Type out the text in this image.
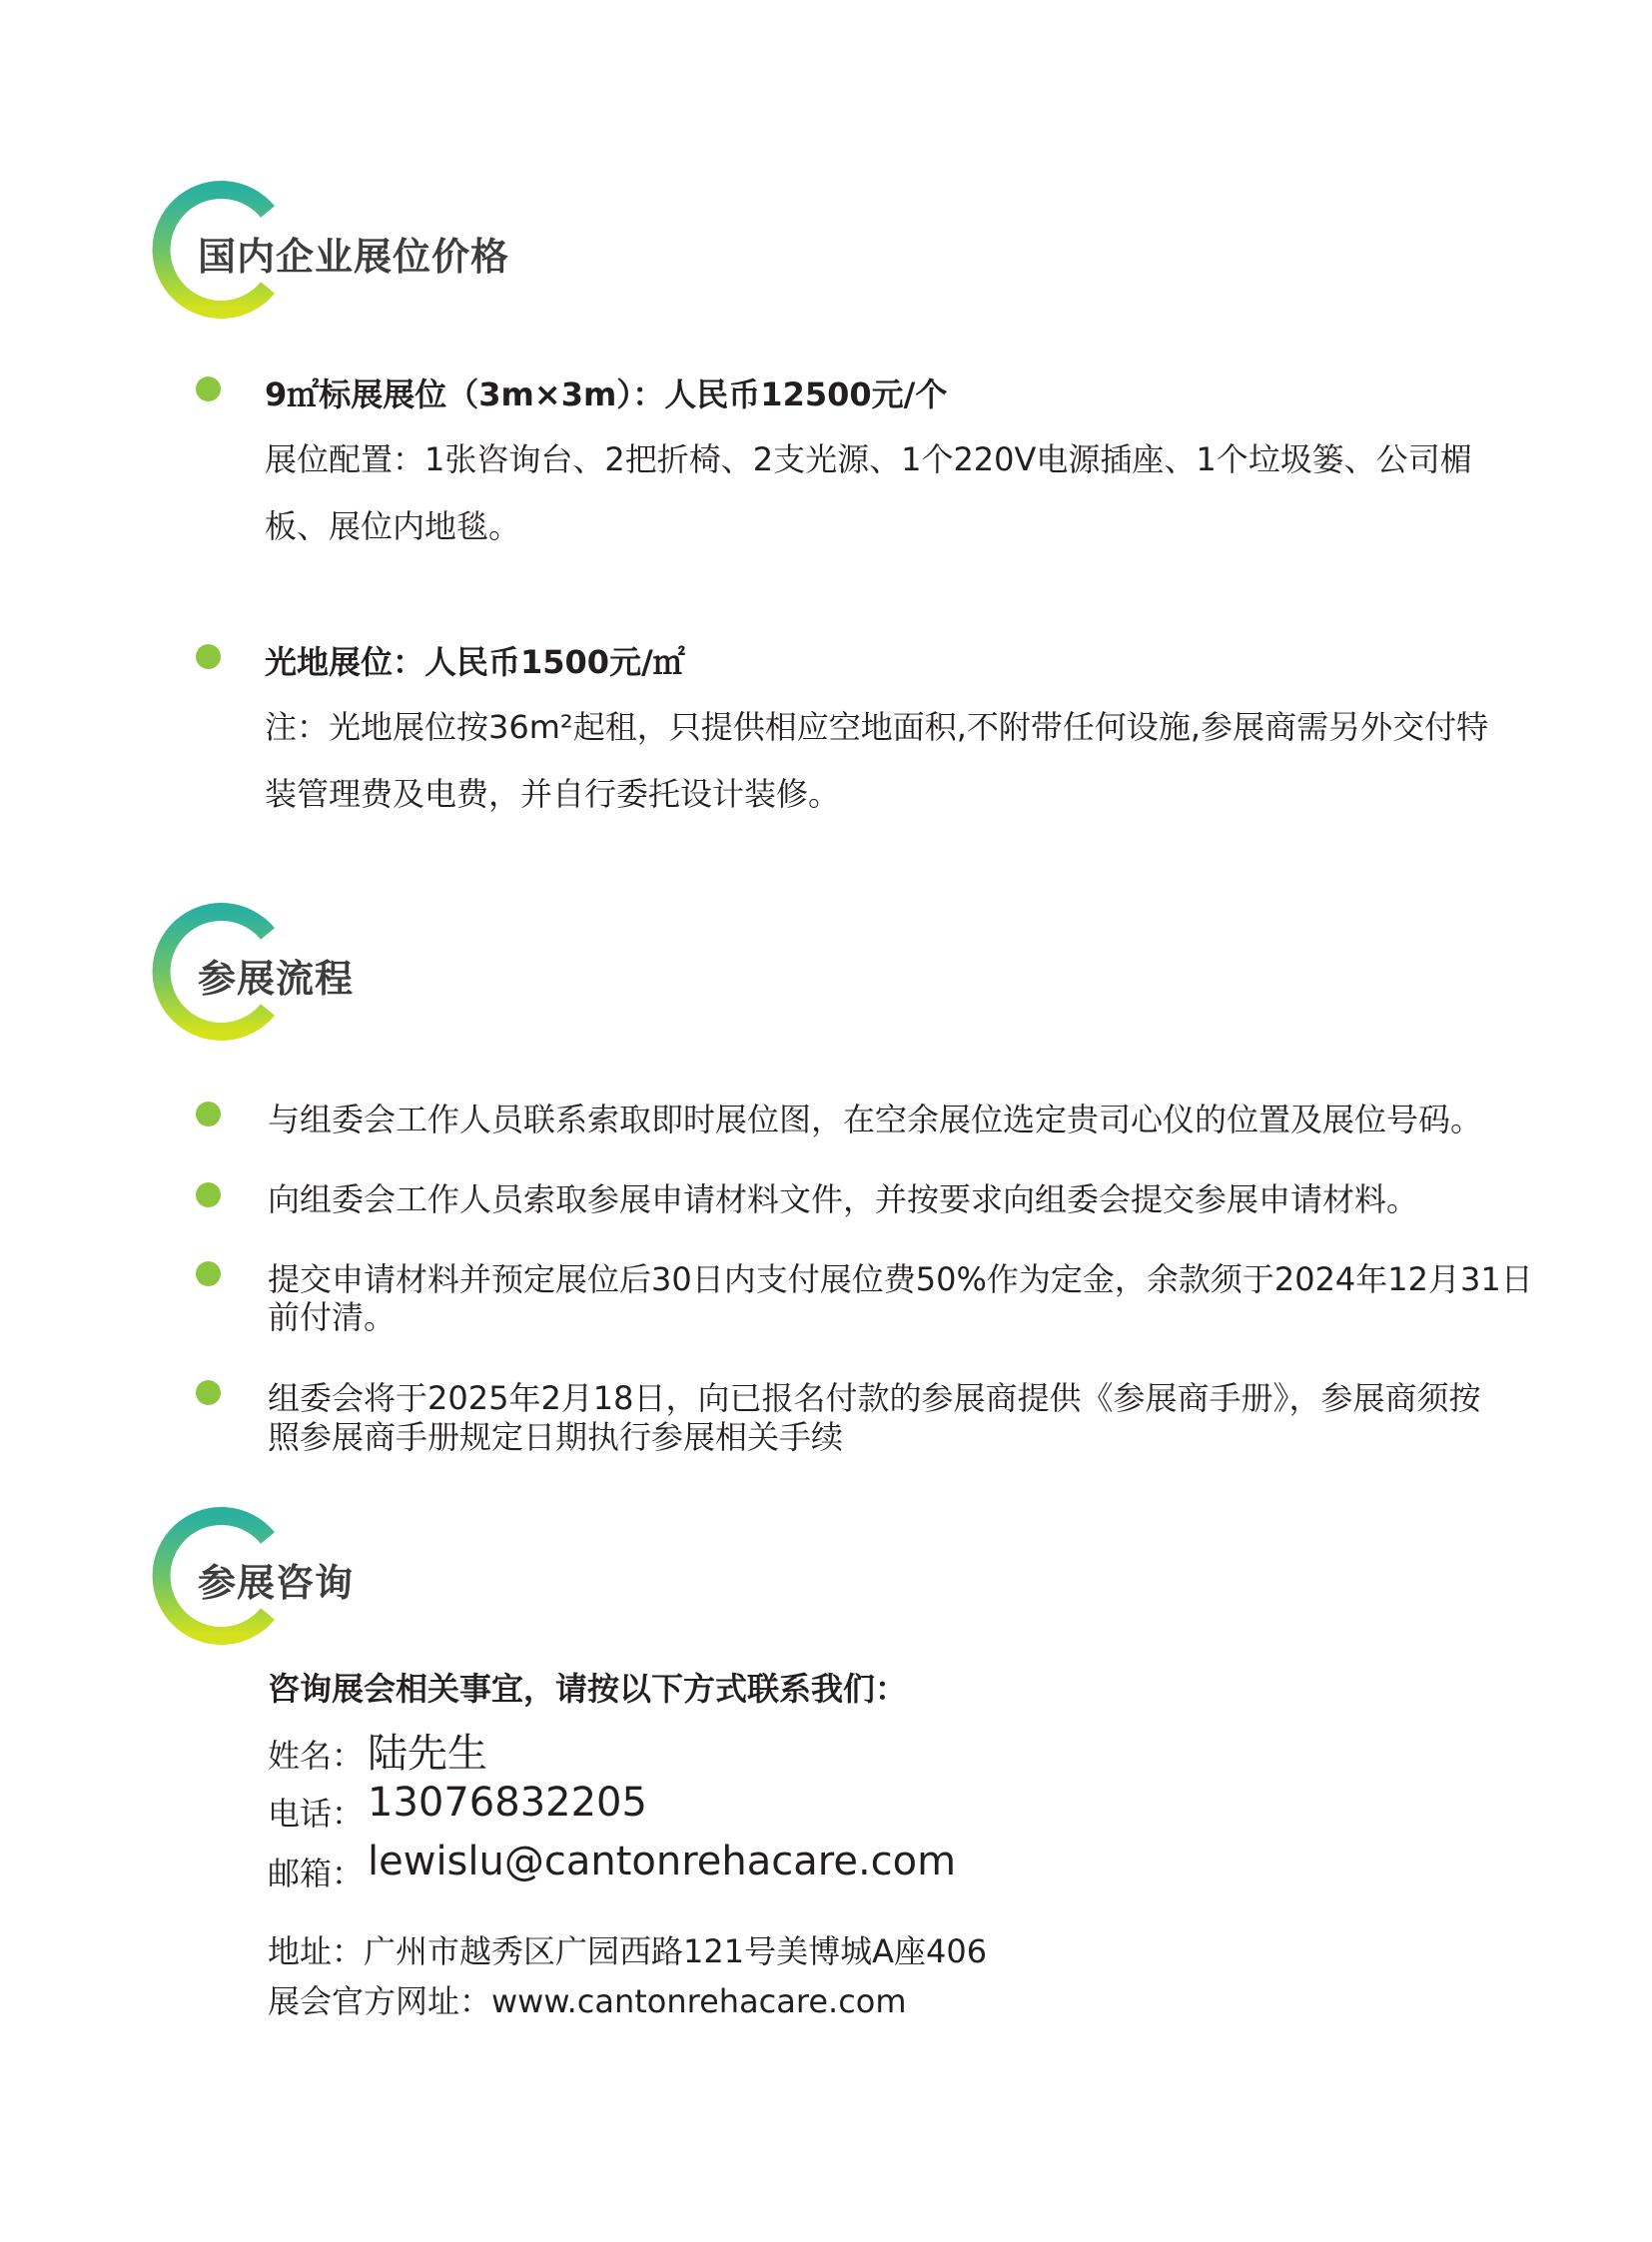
国内企业展位价格
9㎡标展展位（3m×3m）：人民币12500元/个
展位配置：1张咨询台、2把折椅、2支光源、1个220V电源插座、1个垃圾篓、公司楣
板、展位内地毯。
光地展位：人民币1500元/㎡
注：光地展位按36m²起租，只提供相应空地面积,不附带任何设施,参展商需另外交付特
装管理费及电费，并自行委托设计装修。
参展流程
与组委会工作人员联系索取即时展位图，在空余展位选定贵司心仪的位置及展位号码。
向组委会工作人员索取参展申请材料文件，并按要求向组委会提交参展申请材料。
提交申请材料并预定展位后30日内支付展位费50%作为定金，余款须于2024年12月31日
前付清。
组委会将于2025年2月18日，向已报名付款的参展商提供《参展商手册》，参展商须按
照参展商手册规定日期执行参展相关手续
参展咨询
咨询展会相关事宜，请按以下方式联系我们：
姓名： 陆先生
电话： 13076832205
邮箱： lewislu@cantonrehacare.com
地址：广州市越秀区广园西路121号美博城A座406
展会官方网址：www.cantonrehacare.com
